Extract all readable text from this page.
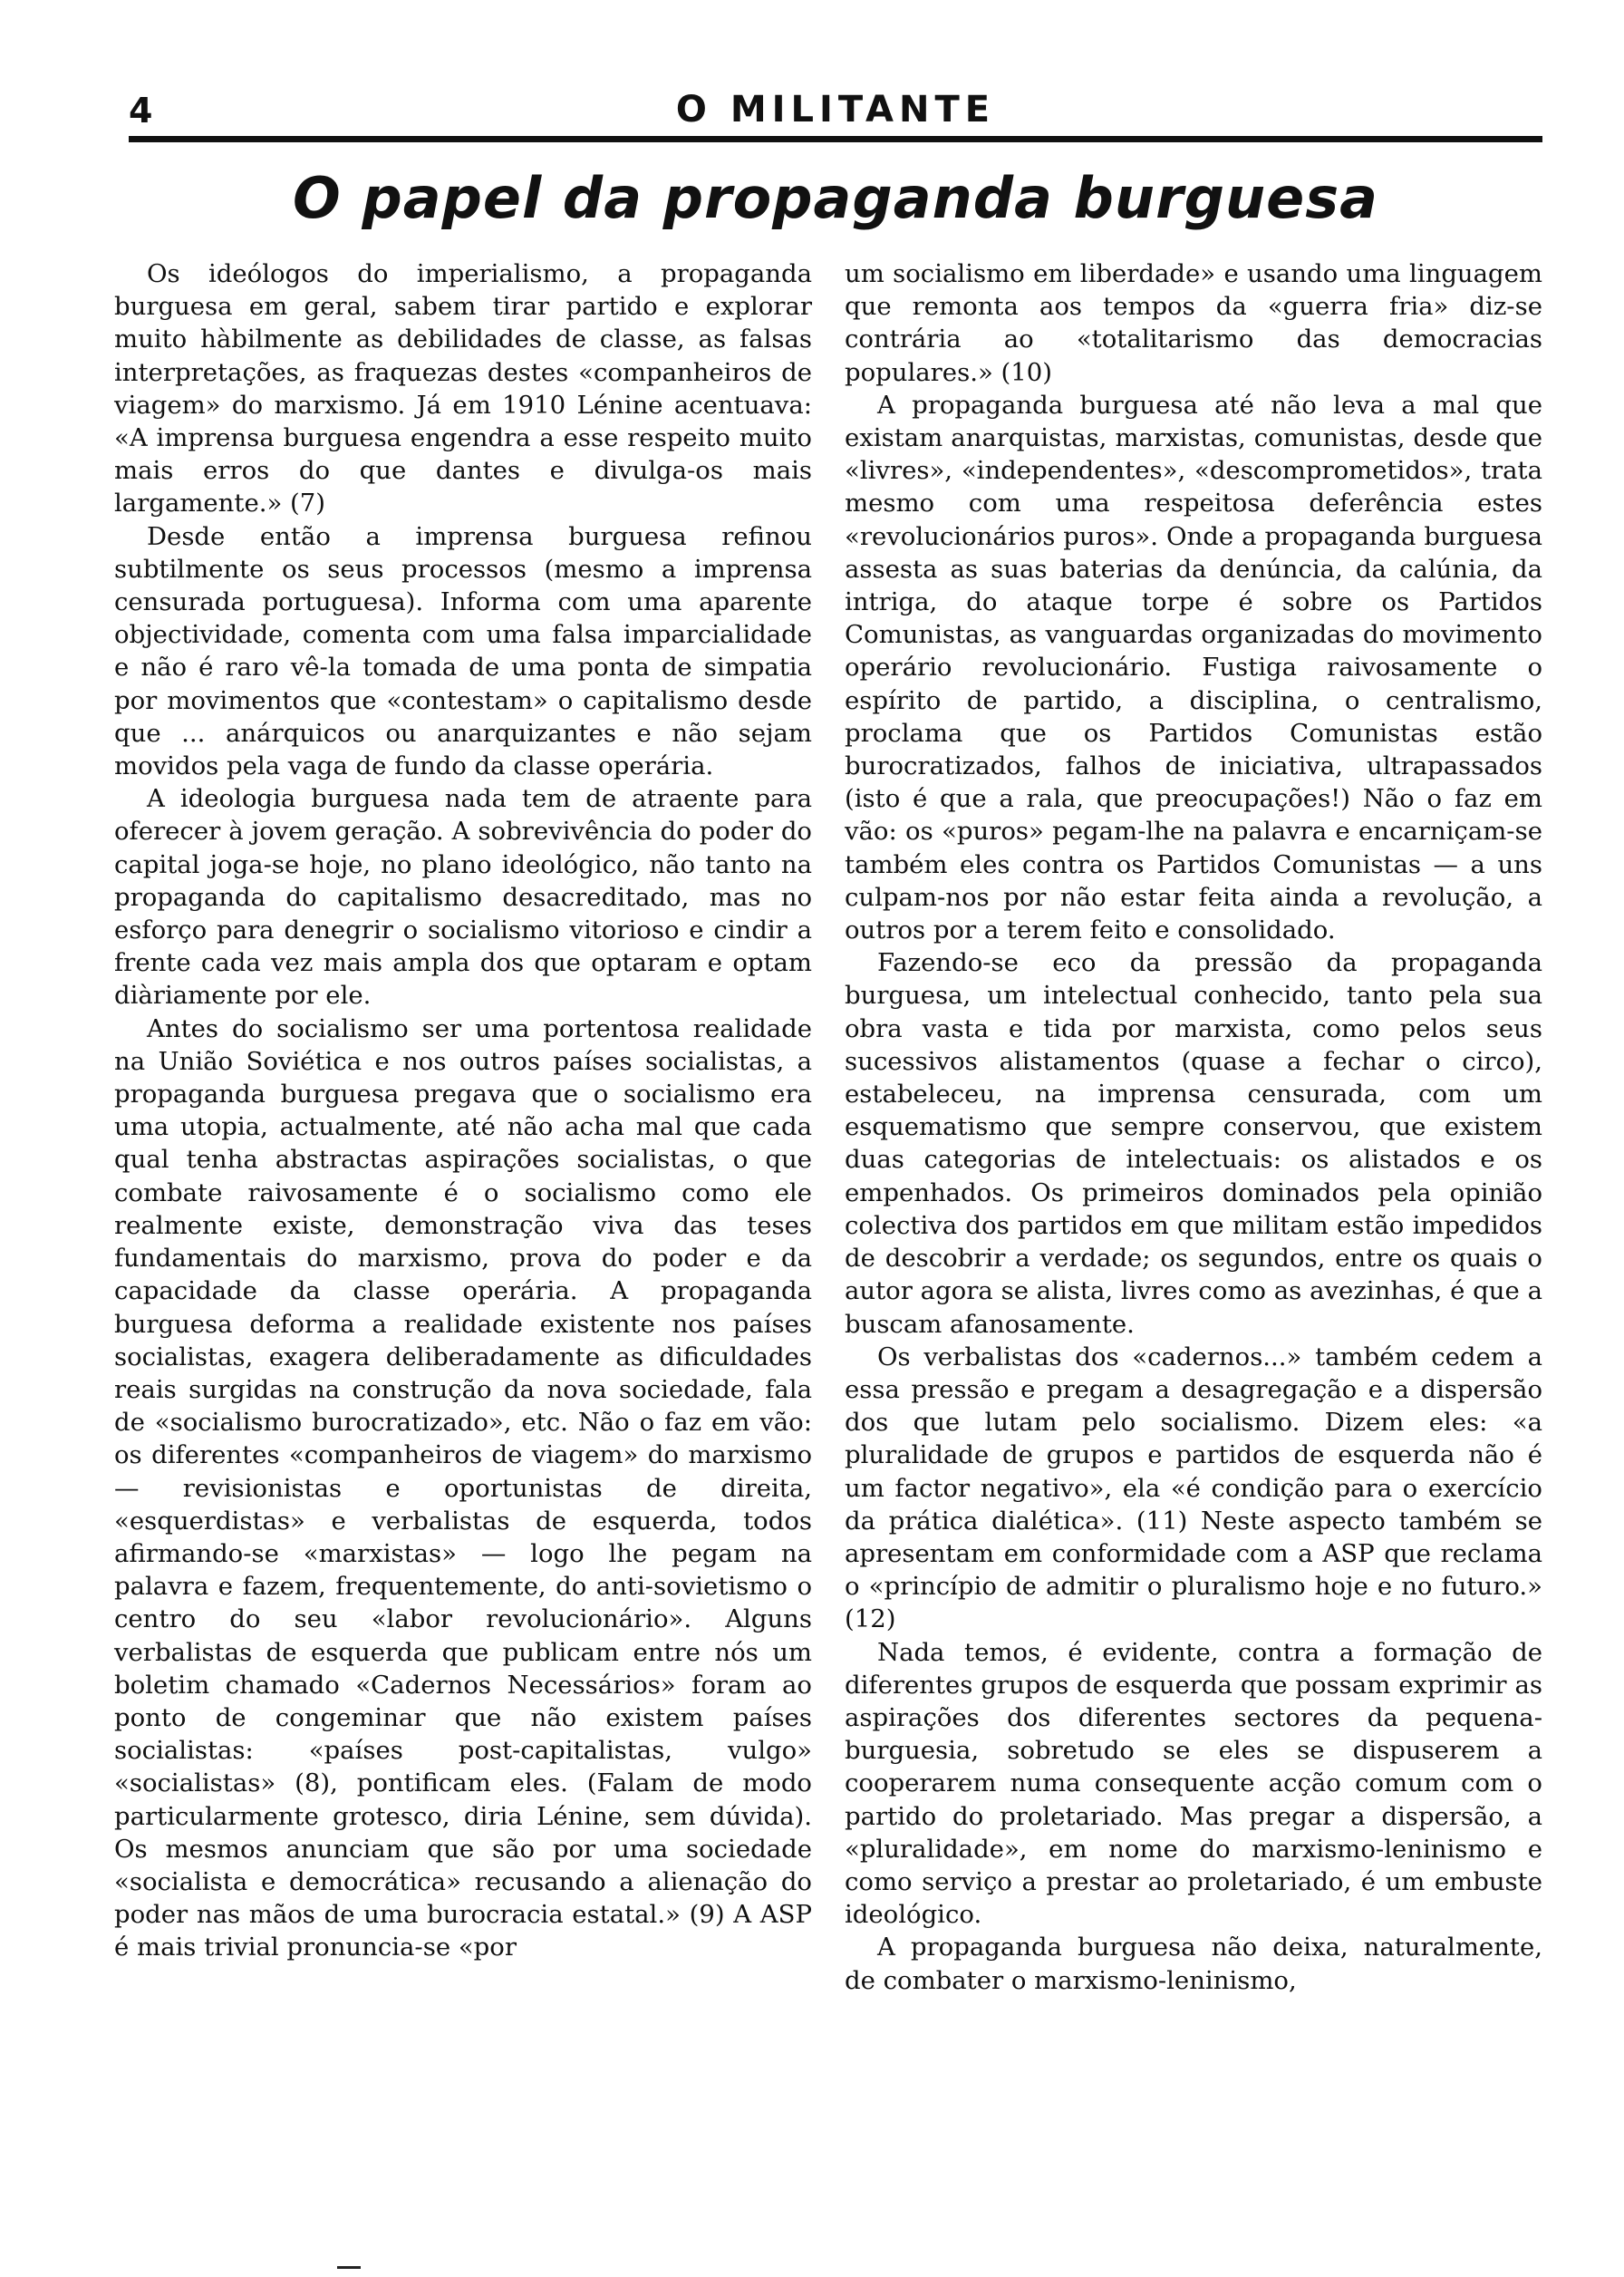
4	O MILITANTE
O papel da propaganda burguesa

Os ideólogos do imperialismo, a propaganda burguesa em geral, sabem tirar partido e explorar muito hàbilmente as debilidades de classe, as falsas interpretações, as fraquezas destes «companheiros de viagem» do marxismo. Já em 1910 Lénine acentuava: «A imprensa burguesa engendra a esse respeito muito mais erros do que dantes e divulga-os mais largamente.» (7)

Desde então a imprensa burguesa refinou subtilmente os seus processos (mesmo a imprensa censurada portuguesa). Informa com uma aparente objectividade, comenta com uma falsa imparcialidade e não é raro vê-la tomada de uma ponta de simpatia por movimentos que «contestam» o capitalismo desde que ... anárquicos ou anarquizantes e não sejam movidos pela vaga de fundo da classe operária.

A ideologia burguesa nada tem de atraente para oferecer à jovem geração. A sobrevivência do poder do capital joga-se hoje, no plano ideológico, não tanto na propaganda do capitalismo desacreditado, mas no esforço para denegrir o socialismo vitorioso e cindir a frente cada vez mais ampla dos que optaram e optam diàriamente por ele.

Antes do socialismo ser uma portentosa realidade na União Soviética e nos outros países socialistas, a propaganda burguesa pregava que o socialismo era uma utopia, actualmente, até não acha mal que cada qual tenha abstractas aspirações socialistas, o que combate raivosamente é o socialismo como ele realmente existe, demonstração viva das teses fundamentais do marxismo, prova do poder e da capacidade da classe operária. A propaganda burguesa deforma a realidade existente nos países socialistas, exagera deliberadamente as dificuldades reais surgidas na construção da nova sociedade, fala de «socialismo burocratizado», etc. Não o faz em vão: os diferentes «companheiros de viagem» do marxismo — revisionistas e oportunistas de direita, «esquerdistas» e verbalistas de esquerda, todos afirmando-se «marxistas» — logo lhe pegam na palavra e fazem, frequentemente, do anti-sovietismo o centro do seu «labor revolucionário». Alguns verbalistas de esquerda que publicam entre nós um boletim chamado «Cadernos Necessários» foram ao ponto de congeminar que não existem países socialistas: «países post-capitalistas, vulgo» «socialistas» (8), pontificam eles. (Falam de modo particularmente grotesco, diria Lénine, sem dúvida). Os mesmos anunciam que são por uma sociedade «socialista e democrática» recusando a alienação do poder nas mãos de uma burocracia estatal.» (9) A ASP é mais trivial pronuncia-se «por

um socialismo em liberdade» e usando uma linguagem que remonta aos tempos da «guerra fria» diz-se contrária ao «totalitarismo das democracias populares.» (10)

A propaganda burguesa até não leva a mal que existam anarquistas, marxistas, comunistas, desde que «livres», «independentes», «descomprometidos», trata mesmo com uma respeitosa deferência estes «revolucionários puros». Onde a propaganda burguesa assesta as suas baterias da denúncia, da calúnia, da intriga, do ataque torpe é sobre os Partidos Comunistas, as vanguardas organizadas do movimento operário revolucionário. Fustiga raivosamente o espírito de partido, a disciplina, o centralismo, proclama que os Partidos Comunistas estão burocratizados, falhos de iniciativa, ultrapassados (isto é que a rala, que preocupações!) Não o faz em vão: os «puros» pegam-lhe na palavra e encarniçam-se também eles contra os Partidos Comunistas — a uns culpam-nos por não estar feita ainda a revolução, a outros por a terem feito e consolidado.

Fazendo-se eco da pressão da propaganda burguesa, um intelectual conhecido, tanto pela sua obra vasta e tida por marxista, como pelos seus sucessivos alistamentos (quase a fechar o circo), estabeleceu, na imprensa censurada, com um esquematismo que sempre conservou, que existem duas categorias de intelectuais: os alistados e os empenhados. Os primeiros dominados pela opinião colectiva dos partidos em que militam estão impedidos de descobrir a verdade; os segundos, entre os quais o autor agora se alista, livres como as avezinhas, é que a buscam afanosamente.

Os verbalistas dos «cadernos...» também cedem a essa pressão e pregam a desagregação e a dispersão dos que lutam pelo socialismo. Dizem eles: «a pluralidade de grupos e partidos de esquerda não é um factor negativo», ela «é condição para o exercício da prática dialética». (11) Neste aspecto também se apresentam em conformidade com a ASP que reclama o «princípio de admitir o pluralismo hoje e no futuro.» (12)

Nada temos, é evidente, contra a formação de diferentes grupos de esquerda que possam exprimir as aspirações dos diferentes sectores da pequena-burguesia, sobretudo se eles se dispuserem a cooperarem numa consequente acção comum com o partido do proletariado. Mas pregar a dispersão, a «pluralidade», em nome do marxismo-leninismo e como serviço a prestar ao proletariado, é um embuste ideológico.

A propaganda burguesa não deixa, naturalmente, de combater o marxismo-leninismo,
